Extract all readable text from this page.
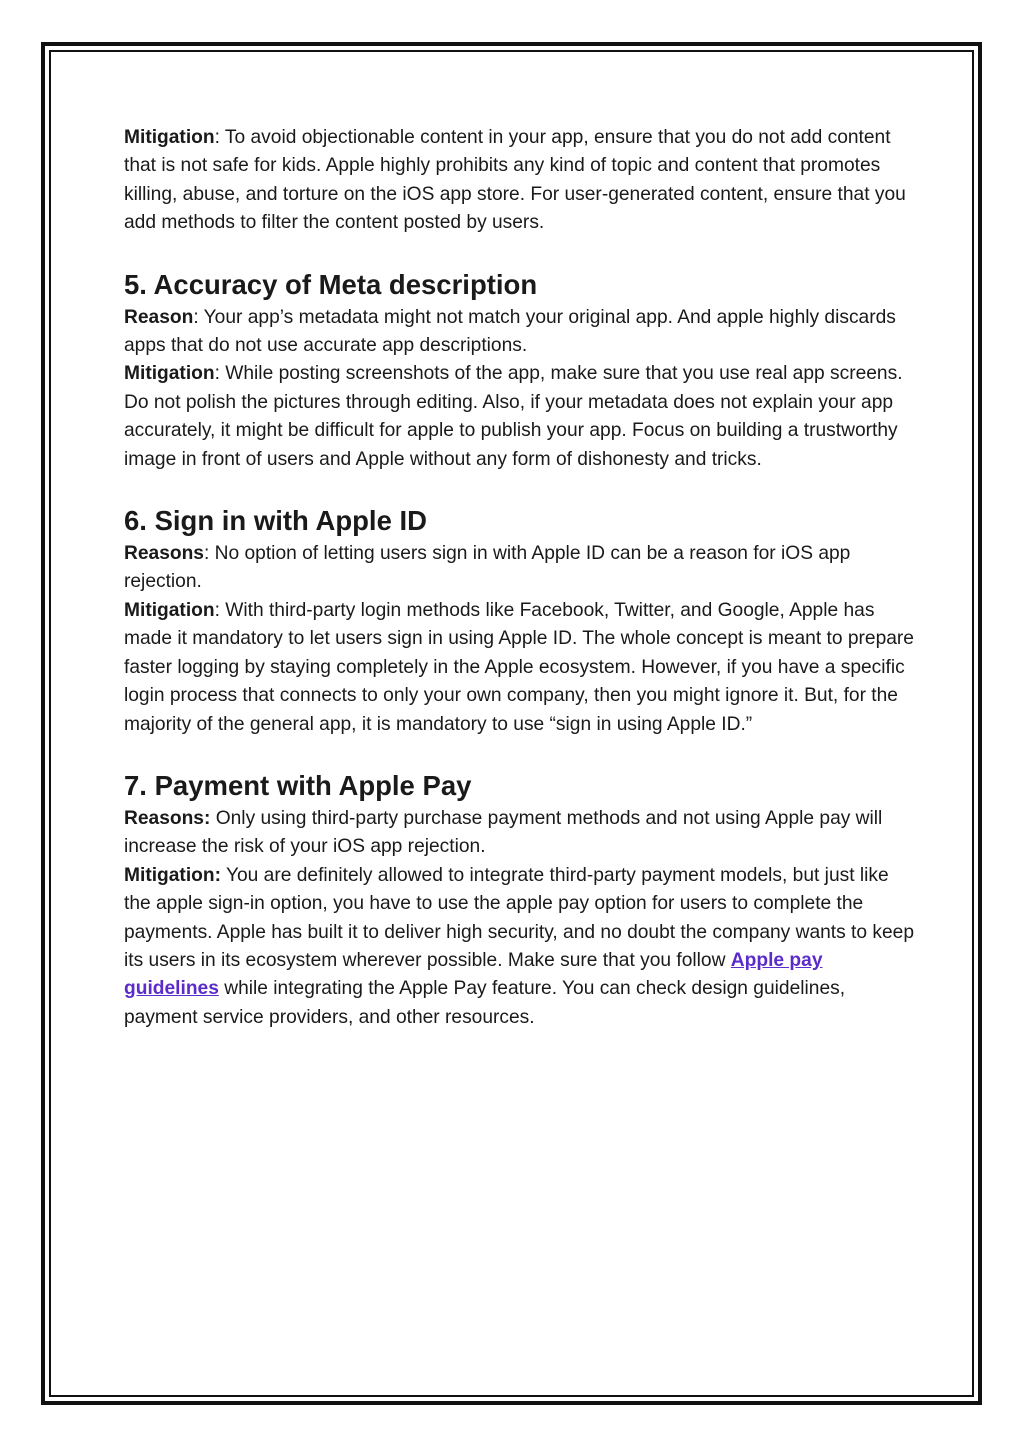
Mitigation: To avoid objectionable content in your app, ensure that you do not add content that is not safe for kids. Apple highly prohibits any kind of topic and content that promotes killing, abuse, and torture on the iOS app store. For user-generated content, ensure that you add methods to filter the content posted by users.

5. Accuracy of Meta description

Reason: Your app’s metadata might not match your original app. And apple highly discards apps that do not use accurate app descriptions.

Mitigation: While posting screenshots of the app, make sure that you use real app screens. Do not polish the pictures through editing. Also, if your metadata does not explain your app accurately, it might be difficult for apple to publish your app. Focus on building a trustworthy image in front of users and Apple without any form of dishonesty and tricks.

6. Sign in with Apple ID

Reasons: No option of letting users sign in with Apple ID can be a reason for iOS app rejection.

Mitigation: With third-party login methods like Facebook, Twitter, and Google, Apple has made it mandatory to let users sign in using Apple ID. The whole concept is meant to prepare faster logging by staying completely in the Apple ecosystem. However, if you have a specific login process that connects to only your own company, then you might ignore it. But, for the majority of the general app, it is mandatory to use “sign in using Apple ID.”

7. Payment with Apple Pay

Reasons: Only using third-party purchase payment methods and not using Apple pay will increase the risk of your iOS app rejection.

Mitigation: You are definitely allowed to integrate third-party payment models, but just like the apple sign-in option, you have to use the apple pay option for users to complete the payments. Apple has built it to deliver high security, and no doubt the company wants to keep its users in its ecosystem wherever possible. Make sure that you follow Apple pay guidelines while integrating the Apple Pay feature. You can check design guidelines, payment service providers, and other resources.
